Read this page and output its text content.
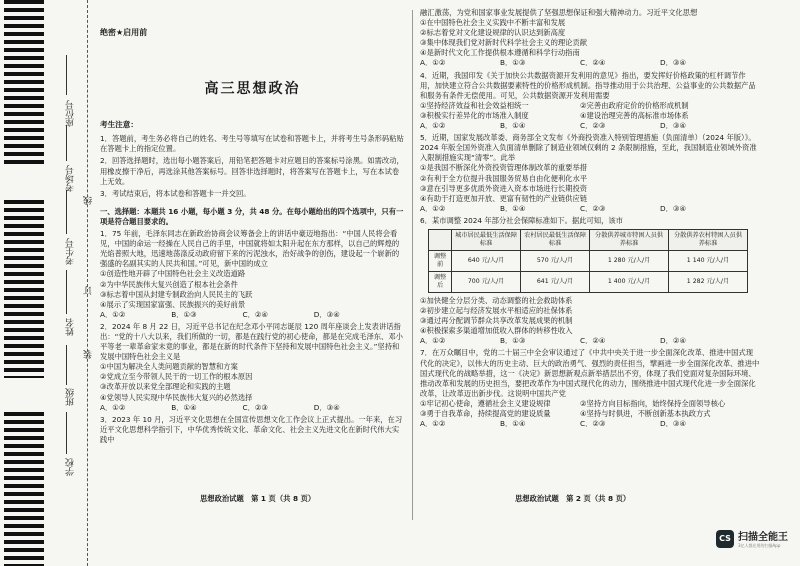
座位号
考场号
考生号
姓名
班级
学校
线
订
装
绝密★启用前
高三思想政治
考生注意：

1．答题前，考生务必将自己的姓名、考生号等填写在试卷和答题卡上，并将考生号条形码粘贴在答题卡上的指定位置。

2．回答选择题时，选出每小题答案后，用铅笔把答题卡对应题目的答案标号涂黑。如需改动，用橡皮擦干净后，再选涂其他答案标号。回答非选择题时，将答案写在答题卡上，写在本试卷上无效。

3．考试结束后，将本试卷和答题卡一并交回。

一、选择题：本题共 16 小题，每小题 3 分，共 48 分。在每小题给出的四个选项中，只有一项是符合题目要求的。
1．75 年前，毛泽东同志在新政治协商会议筹备会上的讲话中豪迈地指出：“中国人民将会看见，中国的命运一经操在人民自己的手里，中国就将如太阳升起在东方那样，以自己的辉煌的光焰普照大地，迅速地荡涤反动政府留下来的污泥浊水，治好战争的创伤，建设起一个崭新的强盛的名副其实的人民共和国。”可见，新中国的成立
①创造性地开辟了中国特色社会主义改造道路
②为中华民族伟大复兴创造了根本社会条件
③标志着中国从封建专制政治向人民民主的飞跃
④展示了实现国家富强、民族振兴的美好前景
A．①②	B．①③	C．②④	D．③④
2．2024 年 8 月 22 日，习近平总书记在纪念邓小平同志诞辰 120 周年座谈会上发表讲话指出：“党的十八大以来，我们所做的一切，都是在践行党的初心使命，都是在完成毛泽东、邓小平等老一辈革命家未竟的事业，都是在新的时代条件下坚持和发展中国特色社会主义。”坚持和发展中国特色社会主义是
①中国为解决全人类问题贡献的智慧和方案
②党成立至今带领人民干的一切工作的根本原因
③改革开放以来党全部理论和实践的主题
④党领导人民实现中华民族伟大复兴的必然选择
A．①②	B．①④	C．②③	D．③④
3．2023 年 10 月，习近平文化思想在全国宣传思想文化工作会议上正式提出。一年来，在习近平文化思想科学指引下，中华优秀传统文化、革命文化、社会主义先进文化在新时代伟大实践中
思想政治试题　第 1 页（共 8 页）
融汇激荡，为党和国家事业发展提供了坚强思想保证和强大精神动力。习近平文化思想
①在中国特色社会主义实践中不断丰富和发展
②标志着党对文化建设规律的认识达到新高度
③集中体现我们党对新时代科学社会主义的理论贡献
④是新时代文化工作提供根本遵循和科学行动指南
A．①②	B．①③	C．②④	D．③④
4．近期，我国印发《关于加快公共数据资源开发利用的意见》指出，要发挥好价格政策的杠杆调节作用，加快建立符合公共数据要素特性的价格形成机制。指导推动用于公共治理、公益事业的公共数据产品和服务有条件无偿使用。可见，公共数据资源开发利用需要
①坚持经济效益和社会效益相统一	②完善由政府定价的价格形成机制
③积极实行差异化的市场准入制度	④建设治理完善的高标准市场体系
A．①②	B．①④	C．②③	D．③④
5．近期，国家发展改革委、商务部全文发布《外商投资准入特别管理措施（负面清单）（2024 年版）》。2024 年版全国外资准入负面清单删除了制造业领域仅剩的 2 条限制措施，至此，我国制造业领域外资准入限制措施实现“清零”。此举
①是我国不断深化外资投资管理体制改革的重要举措
②有利于全方位提升我国服务贸易自由化便利化水平
③意在引导更多优质外资进入资本市场进行长期投资
④有助于打造更加开放、更富有韧性的产业链供应链
A．①②	B．①④	C．②③	D．③④
6．某市调整 2024 年部分社会保障标准如下。据此可知，该市
	城市居民最低生活保障标准	农村居民最低生活保障标准	分散供养城市特困人员供养标准	分散供养农村特困人员供养标准
调整前	640 元/人/月	570 元/人/月	1 280 元/人/月	1 140 元/人/月
调整后	700 元/人/月	641 元/人/月	1 400 元/人/月	1 282 元/人/月
①加快健全分层分类、动态调整的社会救助体系
②初步建立起与经济发展水平相适应的社保体系
③通过再分配调节群众共享改革发展成果的机制
④积极探索多渠道增加低收入群体的转移性收入
A．①②	B．①③	C．②④	D．②④
7．在万众瞩目中，党的二十届三中全会审议通过了《中共中央关于进一步全面深化改革、推进中国式现代化的决定》，以伟大的历史主动、巨大的政治勇气、强烈的责任担当，擘画进一步全面深化改革、推进中国式现代化的战略举措，这一《决定》新思想新观点新举措层出不穷，体现了我们党面对复杂国际环境、推动改革和发展的历史担当，要把改革作为中国式现代化的动力，围绕推进中国式现代化进一步全面深化改革，让改革迈出新步伐。这说明中国共产党
①牢记初心使命，遵循社会主义建设规律	②坚持方向目标指向，始终保持全面领导核心
③勇于自我革命，持续提高党的建设质量	④坚持与时俱进，不断创新基本执政方式
A．①②	B．①④	C．②③	D．③④
思想政治试题　第 2 页（共 8 页）
CS 扫描全能王
3亿人都在用的扫描App
